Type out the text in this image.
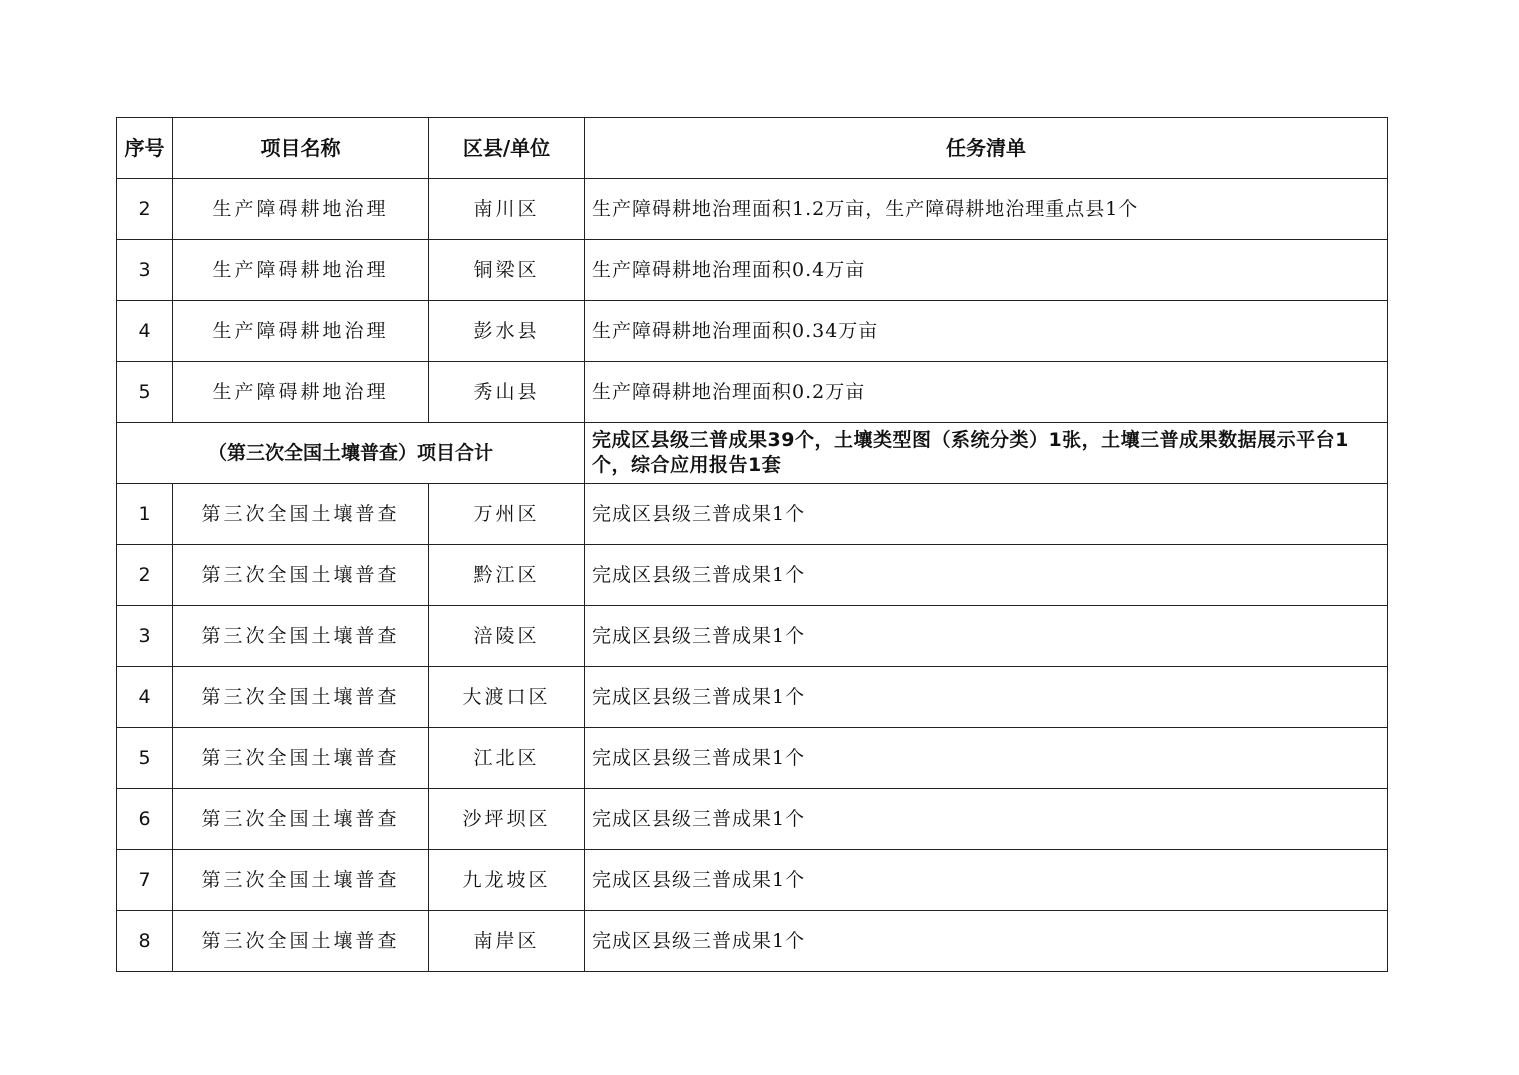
序号	项目名称	区县/单位	任务清单
2	生产障碍耕地治理	南川区	生产障碍耕地治理面积1.2万亩，生产障碍耕地治理重点县1个
3	生产障碍耕地治理	铜梁区	生产障碍耕地治理面积0.4万亩
4	生产障碍耕地治理	彭水县	生产障碍耕地治理面积0.34万亩
5	生产障碍耕地治理	秀山县	生产障碍耕地治理面积0.2万亩
（第三次全国土壤普查）项目合计			完成区县级三普成果39个，土壤类型图（系统分类）1张，土壤三普成果数据展示平台1个，综合应用报告1套
1	第三次全国土壤普查	万州区	完成区县级三普成果1个
2	第三次全国土壤普查	黔江区	完成区县级三普成果1个
3	第三次全国土壤普查	涪陵区	完成区县级三普成果1个
4	第三次全国土壤普查	大渡口区	完成区县级三普成果1个
5	第三次全国土壤普查	江北区	完成区县级三普成果1个
6	第三次全国土壤普查	沙坪坝区	完成区县级三普成果1个
7	第三次全国土壤普查	九龙坡区	完成区县级三普成果1个
8	第三次全国土壤普查	南岸区	完成区县级三普成果1个
